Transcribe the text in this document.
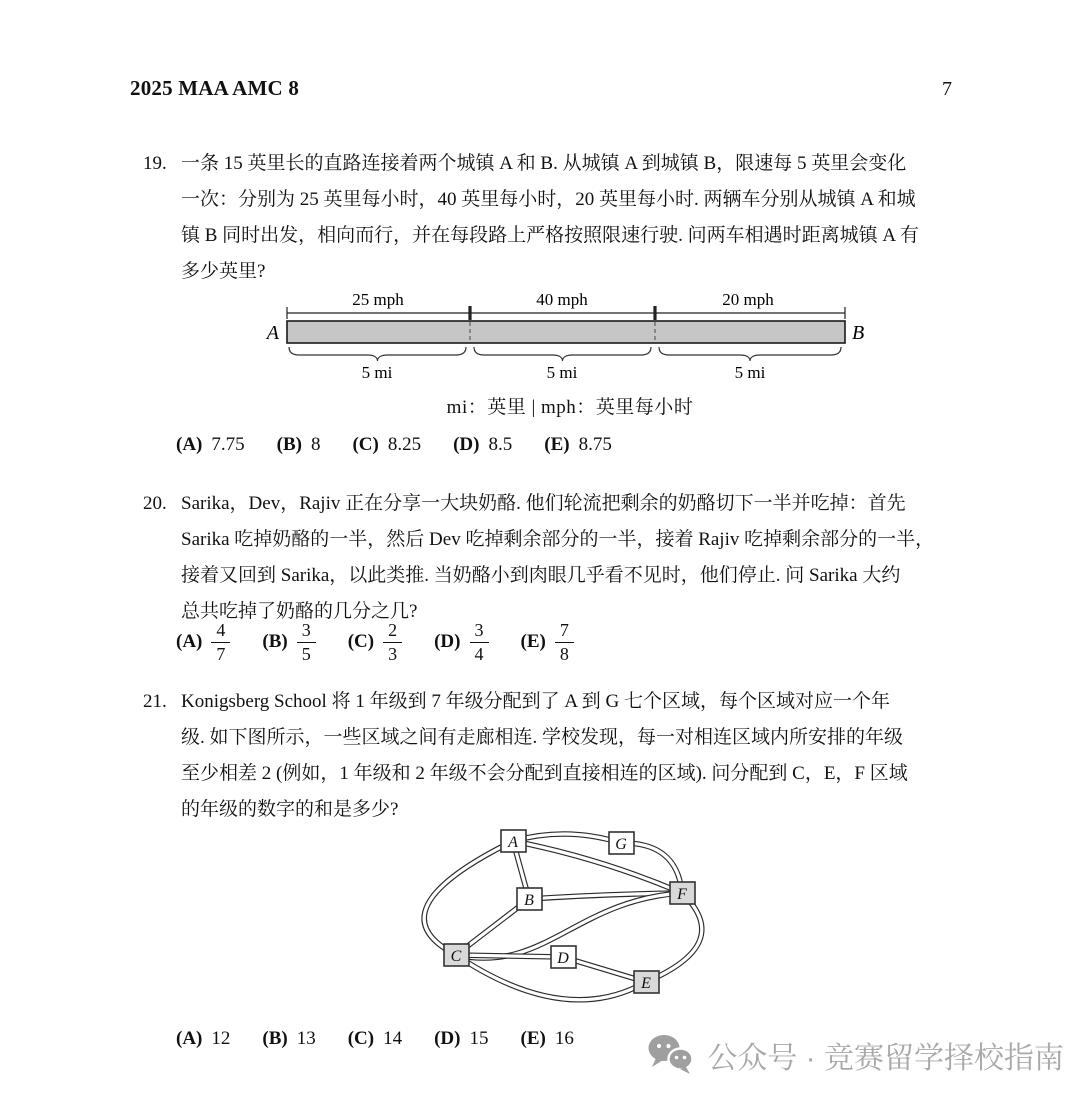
2025 MAA AMC 8	7
19. 一条 15 英里长的直路连接着两个城镇 A 和 B. 从城镇 A 到城镇 B，限速每 5 英里会变化
一次：分别为 25 英里每小时，40 英里每小时，20 英里每小时. 两辆车分别从城镇 A 和城
镇 B 同时出发，相向而行，并在每段路上严格按照限速行驶. 问两车相遇时距离城镇 A 有
多少英里?
25 mph	40 mph	20 mph
A	B
5 mi	5 mi	5 mi
mi：英里 | mph：英里每小时
(A) 7.75 (B) 8 (C) 8.25 (D) 8.5 (E) 8.75
20. Sarika，Dev，Rajiv 正在分享一大块奶酪. 他们轮流把剩余的奶酪切下一半并吃掉：首先
Sarika 吃掉奶酪的一半，然后 Dev 吃掉剩余部分的一半，接着 Rajiv 吃掉剩余部分的一半，
接着又回到 Sarika，以此类推. 当奶酪小到肉眼几乎看不见时，他们停止. 问 Sarika 大约
总共吃掉了奶酪的几分之几?
$(A) \frac{4}{7} (B) \frac{3}{5} (C) \frac{2}{3} (D) \frac{3}{4} (E) \frac{7}{8}$
21. Konigsberg School 将 1 年级到 7 年级分配到了 A 到 G 七个区域，每个区域对应一个年
级. 如下图所示，一些区域之间有走廊相连. 学校发现，每一对相连区域内所安排的年级
至少相差 2 (例如，1 年级和 2 年级不会分配到直接相连的区域). 问分配到 C，E，F 区域
的年级的数字的和是多少?
A	G
B	F
C	D
E
(A) 12 (B) 13 (C) 14 (D) 15 (E) 16
公众号 · 竞赛留学择校指南
